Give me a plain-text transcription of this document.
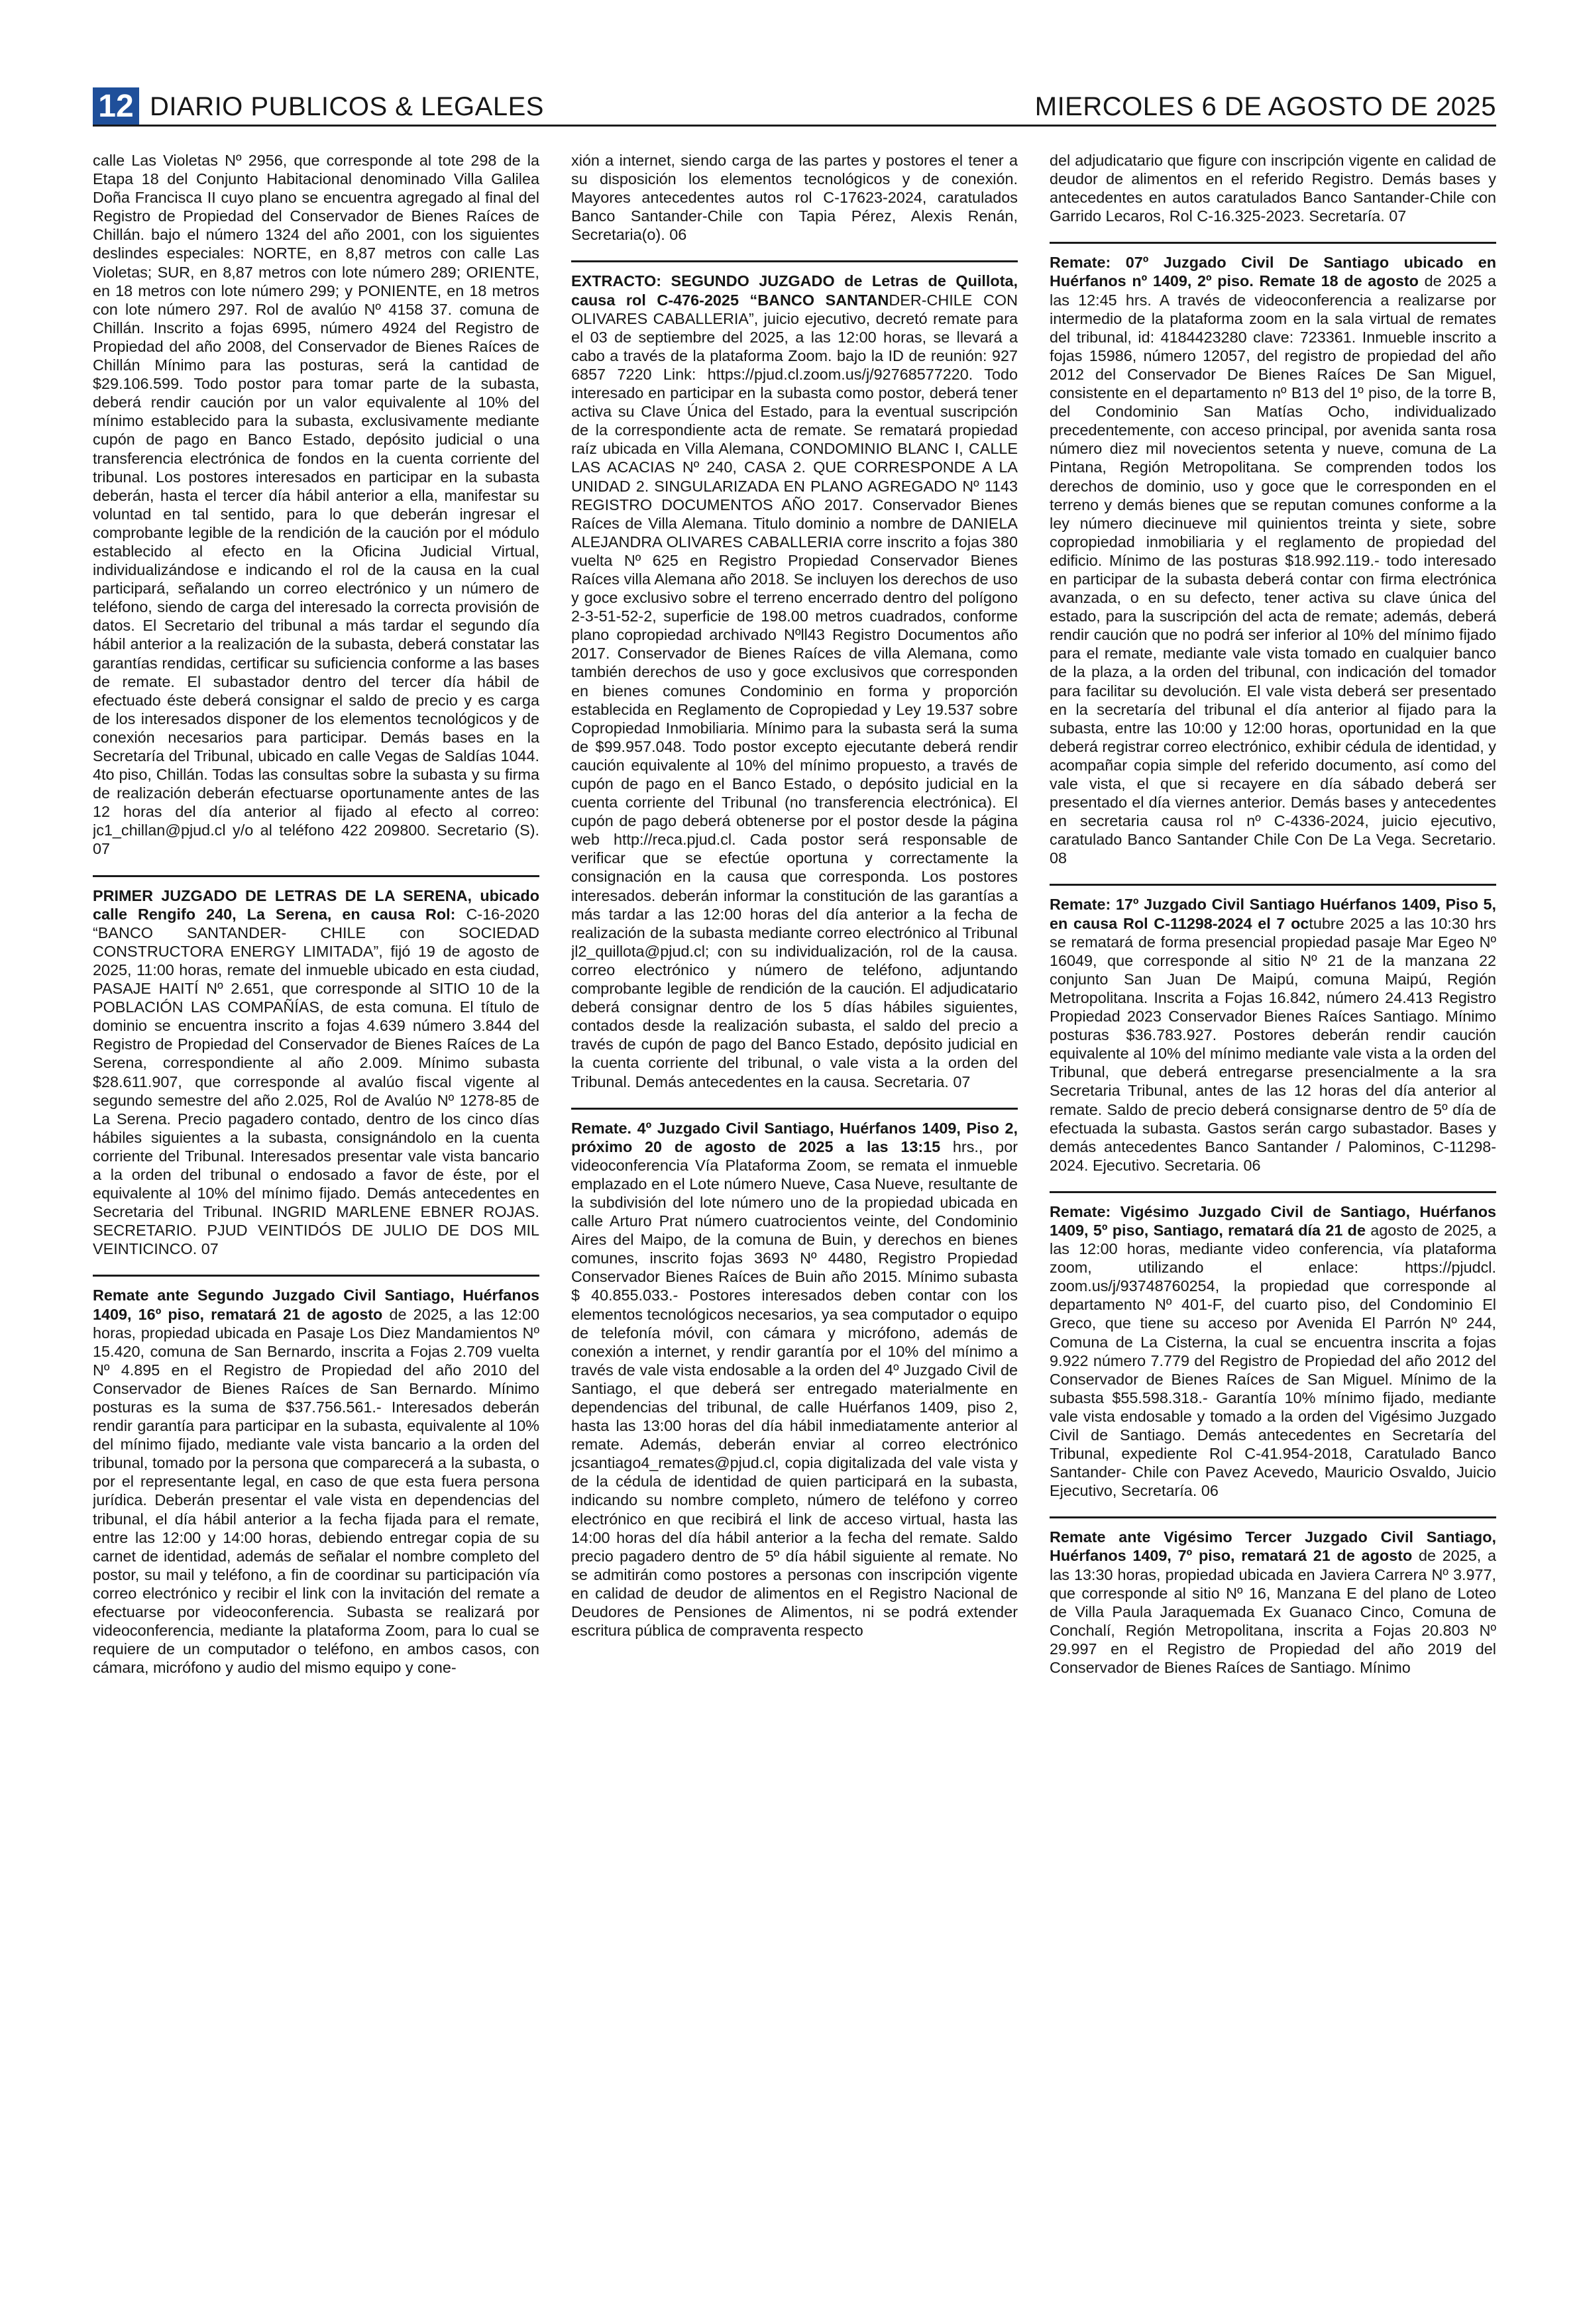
12 DIARIO PUBLICOS & LEGALES	MIERCOLES 6 DE AGOSTO DE 2025

calle Las Violetas Nº 2956, que corresponde al tote 298 de la Etapa 18 del Conjunto Habitacional denominado Villa Galilea Doña Francisca II cuyo plano se encuentra agregado al final del Registro de Propiedad del Conservador de Bienes Raíces de Chillán. bajo el número 1324 del año 2001, con los siguientes deslindes especiales: NORTE, en 8,87 metros con calle Las Violetas; SUR, en 8,87 metros con lote número 289; ORIENTE, en 18 metros con lote número 299; y PONIENTE, en 18 metros con lote número 297. Rol de avalúo Nº 4158 37. comuna de Chillán. Inscrito a fojas 6995, número 4924 del Registro de Propiedad del año 2008, del Conservador de Bienes Raíces de Chillán Mínimo para las posturas, será la cantidad de $29.106.599. Todo postor para tomar parte de la subasta, deberá rendir caución por un valor equivalente al 10% del mínimo establecido para la subasta, exclusivamente mediante cupón de pago en Banco Estado, depósito judicial o una transferencia electrónica de fondos en la cuenta corriente del tribunal. Los postores interesados en participar en la subasta deberán, hasta el tercer día hábil anterior a ella, manifestar su voluntad en tal sentido, para lo que deberán ingresar el comprobante legible de la rendición de la caución por el módulo establecido al efecto en la Oficina Judicial Virtual, individualizándose e indicando el rol de la causa en la cual participará, señalando un correo electrónico y un número de teléfono, siendo de carga del interesado la correcta provisión de datos. El Secretario del tribunal a más tardar el segundo día hábil anterior a la realización de la subasta, deberá constatar las garantías rendidas, certificar su suficiencia conforme a las bases de remate. El subastador dentro del tercer día hábil de efectuado éste deberá consignar el saldo de precio y es carga de los interesados disponer de los elementos tecnológicos y de conexión necesarios para participar. Demás bases en la Secretaría del Tribunal, ubicado en calle Vegas de Saldías 1044. 4to piso, Chillán. Todas las consultas sobre la subasta y su firma de realización deberán efectuarse oportunamente antes de las 12 horas del día anterior al fijado al efecto al correo: jc1_chillan@pjud.cl y/o al teléfono 422 209800. Secretario (S). 07

PRIMER JUZGADO DE LETRAS DE LA SERENA, ubicado calle Rengifo 240, La Serena, en causa Rol: C-16-2020 “BANCO SANTANDER- CHILE con SOCIEDAD CONSTRUCTORA ENERGY LIMITADA”, fijó 19 de agosto de 2025, 11:00 horas, remate del inmueble ubicado en esta ciudad, PASAJE HAITÍ Nº 2.651, que corresponde al SITIO 10 de la POBLACIÓN LAS COMPAÑÍAS, de esta comuna. El título de dominio se encuentra inscrito a fojas 4.639 número 3.844 del Registro de Propiedad del Conservador de Bienes Raíces de La Serena, correspondiente al año 2.009. Mínimo subasta $28.611.907, que corresponde al avalúo fiscal vigente al segundo semestre del año 2.025, Rol de Avalúo Nº 1278-85 de La Serena. Precio pagadero contado, dentro de los cinco días hábiles siguientes a la subasta, consignándolo en la cuenta corriente del Tribunal. Interesados presentar vale vista bancario a la orden del tribunal o endosado a favor de éste, por el equivalente al 10% del mínimo fijado. Demás antecedentes en Secretaria del Tribunal. INGRID MARLENE EBNER ROJAS. SECRETARIO. PJUD VEINTIDÓS DE JULIO DE DOS MIL VEINTICINCO. 07

Remate ante Segundo Juzgado Civil Santiago, Huérfanos 1409, 16º piso, rematará 21 de agosto de 2025, a las 12:00 horas, propiedad ubicada en Pasaje Los Diez Mandamientos Nº 15.420, comuna de San Bernardo, inscrita a Fojas 2.709 vuelta Nº 4.895 en el Registro de Propiedad del año 2010 del Conservador de Bienes Raíces de San Bernardo. Mínimo posturas es la suma de $37.756.561.- Interesados deberán rendir garantía para participar en la subasta, equivalente al 10% del mínimo fijado, mediante vale vista bancario a la orden del tribunal, tomado por la persona que comparecerá a la subasta, o por el representante legal, en caso de que esta fuera persona jurídica. Deberán presentar el vale vista en dependencias del tribunal, el día hábil anterior a la fecha fijada para el remate, entre las 12:00 y 14:00 horas, debiendo entregar copia de su carnet de identidad, además de señalar el nombre completo del postor, su mail y teléfono, a fin de coordinar su participación vía correo electrónico y recibir el link con la invitación del remate a efectuarse por videoconferencia. Subasta se realizará por videoconferencia, mediante la plataforma Zoom, para lo cual se requiere de un computador o teléfono, en ambos casos, con cámara, micrófono y audio del mismo equipo y cone-

xión a internet, siendo carga de las partes y postores el tener a su disposición los elementos tecnológicos y de conexión. Mayores antecedentes autos rol C-17623-2024, caratulados Banco Santander-Chile con Tapia Pérez, Alexis Renán, Secretaria(o). 06

EXTRACTO: SEGUNDO JUZGADO de Letras de Quillota, causa rol C-476-2025 “BANCO SANTANDER-CHILE CON OLIVARES CABALLERIA”, juicio ejecutivo, decretó remate para el 03 de septiembre del 2025, a las 12:00 horas, se llevará a cabo a través de la plataforma Zoom. bajo la ID de reunión: 927 6857 7220 Link: https://pjud.cl.zoom.us/j/92768577220. Todo interesado en participar en la subasta como postor, deberá tener activa su Clave Única del Estado, para la eventual suscripción de la correspondiente acta de remate. Se rematará propiedad raíz ubicada en Villa Alemana, CONDOMINIO BLANC I, CALLE LAS ACACIAS Nº 240, CASA 2. QUE CORRESPONDE A LA UNIDAD 2. SINGULARIZADA EN PLANO AGREGADO Nº 1143 REGISTRO DOCUMENTOS AÑO 2017. Conservador Bienes Raíces de Villa Alemana. Titulo dominio a nombre de DANIELA ALEJANDRA OLIVARES CABALLERIA corre inscrito a fojas 380 vuelta Nº 625 en Registro Propiedad Conservador Bienes Raíces villa Alemana año 2018. Se incluyen los derechos de uso y goce exclusivo sobre el terreno encerrado dentro del polígono 2-3-51-52-2, superficie de 198.00 metros cuadrados, conforme plano copropiedad archivado Nºll43 Registro Documentos año 2017. Conservador de Bienes Raíces de villa Alemana, como también derechos de uso y goce exclusivos que corresponden en bienes comunes Condominio en forma y proporción establecida en Reglamento de Copropiedad y Ley 19.537 sobre Copropiedad Inmobiliaria. Mínimo para la subasta será la suma de $99.957.048. Todo postor excepto ejecutante deberá rendir caución equivalente al 10% del mínimo propuesto, a través de cupón de pago en el Banco Estado, o depósito judicial en la cuenta corriente del Tribunal (no transferencia electrónica). El cupón de pago deberá obtenerse por el postor desde la página web http://reca.pjud.cl. Cada postor será responsable de verificar que se efectúe oportuna y correctamente la consignación en la causa que corresponda. Los postores interesados. deberán informar la constitución de las garantías a más tardar a las 12:00 horas del día anterior a la fecha de realización de la subasta mediante correo electrónico al Tribunal jl2_quillota@pjud.cl; con su individualización, rol de la causa. correo electrónico y número de teléfono, adjuntando comprobante legible de rendición de la caución. El adjudicatario deberá consignar dentro de los 5 días hábiles siguientes, contados desde la realización subasta, el saldo del precio a través de cupón de pago del Banco Estado, depósito judicial en la cuenta corriente del tribunal, o vale vista a la orden del Tribunal. Demás antecedentes en la causa. Secretaria. 07

Remate. 4º Juzgado Civil Santiago, Huérfanos 1409, Piso 2, próximo 20 de agosto de 2025 a las 13:15 hrs., por videoconferencia Vía Plataforma Zoom, se remata el inmueble emplazado en el Lote número Nueve, Casa Nueve, resultante de la subdivisión del lote número uno de la propiedad ubicada en calle Arturo Prat número cuatrocientos veinte, del Condominio Aires del Maipo, de la comuna de Buin, y derechos en bienes comunes, inscrito fojas 3693 Nº 4480, Registro Propiedad Conservador Bienes Raíces de Buin año 2015. Mínimo subasta $ 40.855.033.- Postores interesados deben contar con los elementos tecnológicos necesarios, ya sea computador o equipo de telefonía móvil, con cámara y micrófono, además de conexión a internet, y rendir garantía por el 10% del mínimo a través de vale vista endosable a la orden del 4º Juzgado Civil de Santiago, el que deberá ser entregado materialmente en dependencias del tribunal, de calle Huérfanos 1409, piso 2, hasta las 13:00 horas del día hábil inmediatamente anterior al remate. Además, deberán enviar al correo electrónico jcsantiago4_remates@pjud.cl, copia digitalizada del vale vista y de la cédula de identidad de quien participará en la subasta, indicando su nombre completo, número de teléfono y correo electrónico en que recibirá el link de acceso virtual, hasta las 14:00 horas del día hábil anterior a la fecha del remate. Saldo precio pagadero dentro de 5º día hábil siguiente al remate. No se admitirán como postores a personas con inscripción vigente en calidad de deudor de alimentos en el Registro Nacional de Deudores de Pensiones de Alimentos, ni se podrá extender escritura pública de compraventa respecto

del adjudicatario que figure con inscripción vigente en calidad de deudor de alimentos en el referido Registro. Demás bases y antecedentes en autos caratulados Banco Santander-Chile con Garrido Lecaros, Rol C-16.325-2023. Secretaría. 07

Remate: 07º Juzgado Civil De Santiago ubicado en Huérfanos nº 1409, 2º piso. Remate 18 de agosto de 2025 a las 12:45 hrs. A través de videoconferencia a realizarse por intermedio de la plataforma zoom en la sala virtual de remates del tribunal, id: 4184423280 clave: 723361. Inmueble inscrito a fojas 15986, número 12057, del registro de propiedad del año 2012 del Conservador De Bienes Raíces De San Miguel, consistente en el departamento nº B13 del 1º piso, de la torre B, del Condominio San Matías Ocho, individualizado precedentemente, con acceso principal, por avenida santa rosa número diez mil novecientos setenta y nueve, comuna de La Pintana, Región Metropolitana. Se comprenden todos los derechos de dominio, uso y goce que le corresponden en el terreno y demás bienes que se reputan comunes conforme a la ley número diecinueve mil quinientos treinta y siete, sobre copropiedad inmobiliaria y el reglamento de propiedad del edificio. Mínimo de las posturas $18.992.119.- todo interesado en participar de la subasta deberá contar con firma electrónica avanzada, o en su defecto, tener activa su clave única del estado, para la suscripción del acta de remate; además, deberá rendir caución que no podrá ser inferior al 10% del mínimo fijado para el remate, mediante vale vista tomado en cualquier banco de la plaza, a la orden del tribunal, con indicación del tomador para facilitar su devolución. El vale vista deberá ser presentado en la secretaría del tribunal el día anterior al fijado para la subasta, entre las 10:00 y 12:00 horas, oportunidad en la que deberá registrar correo electrónico, exhibir cédula de identidad, y acompañar copia simple del referido documento, así como del vale vista, el que si recayere en día sábado deberá ser presentado el día viernes anterior. Demás bases y antecedentes en secretaria causa rol nº C-4336-2024, juicio ejecutivo, caratulado Banco Santander Chile Con De La Vega. Secretario. 08

Remate: 17º Juzgado Civil Santiago Huérfanos 1409, Piso 5, en causa Rol C-11298-2024 el 7 octubre 2025 a las 10:30 hrs se rematará de forma presencial propiedad pasaje Mar Egeo Nº 16049, que corresponde al sitio Nº 21 de la manzana 22 conjunto San Juan De Maipú, comuna Maipú, Región Metropolitana. Inscrita a Fojas 16.842, número 24.413 Registro Propiedad 2023 Conservador Bienes Raíces Santiago. Mínimo posturas $36.783.927. Postores deberán rendir caución equivalente al 10% del mínimo mediante vale vista a la orden del Tribunal, que deberá entregarse presencialmente a la sra Secretaria Tribunal, antes de las 12 horas del día anterior al remate. Saldo de precio deberá consignarse dentro de 5º día de efectuada la subasta. Gastos serán cargo subastador. Bases y demás antecedentes Banco Santander / Palominos, C-11298-2024. Ejecutivo. Secretaria. 06

Remate: Vigésimo Juzgado Civil de Santiago, Huérfanos 1409, 5º piso, Santiago, rematará día 21 de agosto de 2025, a las 12:00 horas, mediante video conferencia, vía plataforma zoom, utilizando el enlace: https://pjudcl. zoom.us/j/93748760254, la propiedad que corresponde al departamento Nº 401-F, del cuarto piso, del Condominio El Greco, que tiene su acceso por Avenida El Parrón Nº 244, Comuna de La Cisterna, la cual se encuentra inscrita a fojas 9.922 número 7.779 del Registro de Propiedad del año 2012 del Conservador de Bienes Raíces de San Miguel. Mínimo de la subasta $55.598.318.- Garantía 10% mínimo fijado, mediante vale vista endosable y tomado a la orden del Vigésimo Juzgado Civil de Santiago. Demás antecedentes en Secretaría del Tribunal, expediente Rol C-41.954-2018, Caratulado Banco Santander- Chile con Pavez Acevedo, Mauricio Osvaldo, Juicio Ejecutivo, Secretaría. 06

Remate ante Vigésimo Tercer Juzgado Civil Santiago, Huérfanos 1409, 7º piso, rematará 21 de agosto de 2025, a las 13:30 horas, propiedad ubicada en Javiera Carrera Nº 3.977, que corresponde al sitio Nº 16, Manzana E del plano de Loteo de Villa Paula Jaraquemada Ex Guanaco Cinco, Comuna de Conchalí, Región Metropolitana, inscrita a Fojas 20.803 Nº 29.997 en el Registro de Propiedad del año 2019 del Conservador de Bienes Raíces de Santiago. Mínimo
